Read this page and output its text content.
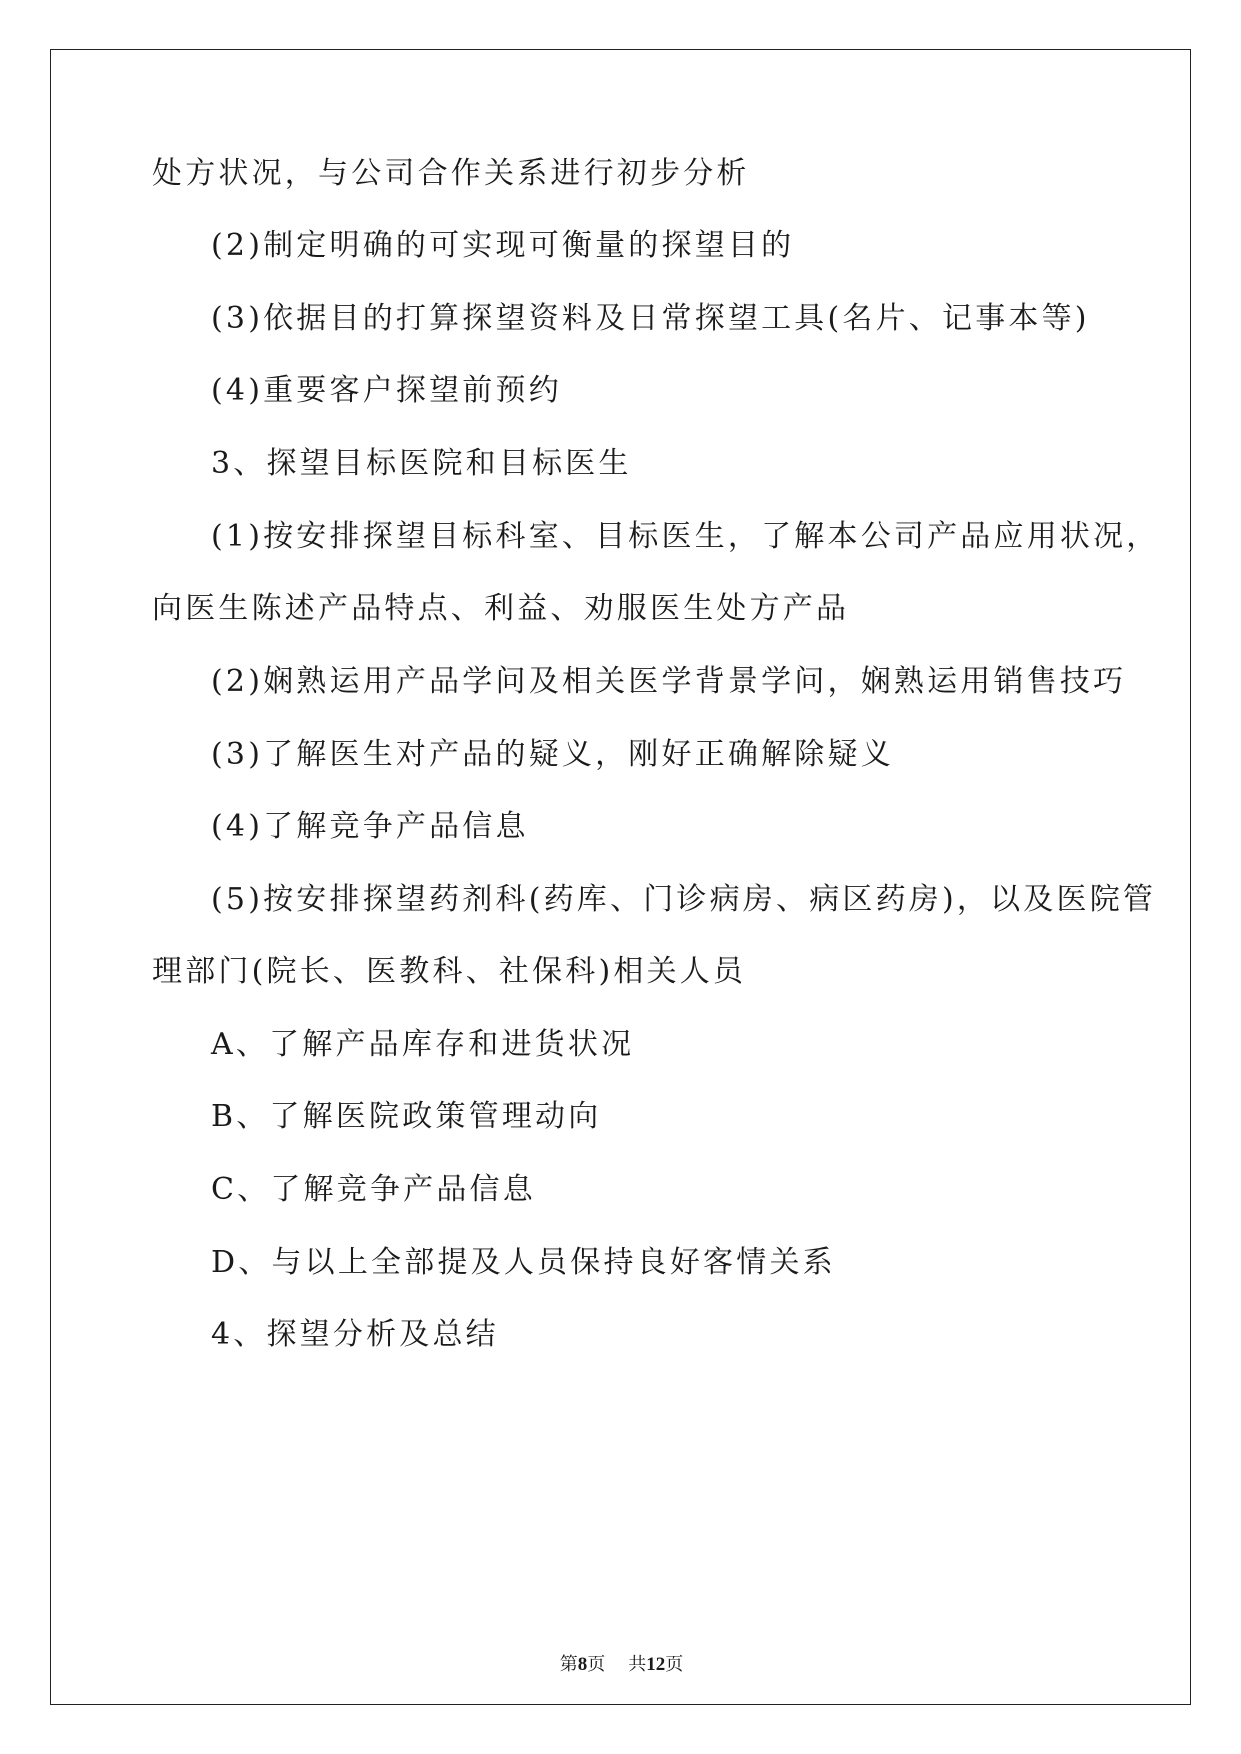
处方状况，与公司合作关系进行初步分析
(2)制定明确的可实现可衡量的探望目的
(3)依据目的打算探望资料及日常探望工具(名片、记事本等)
(4)重要客户探望前预约
3、探望目标医院和目标医生
(1)按安排探望目标科室、目标医生，了解本公司产品应用状况，
向医生陈述产品特点、利益、劝服医生处方产品
(2)娴熟运用产品学问及相关医学背景学问，娴熟运用销售技巧
(3)了解医生对产品的疑义，刚好正确解除疑义
(4)了解竞争产品信息
(5)按安排探望药剂科(药库、门诊病房、病区药房)，以及医院管
理部门(院长、医教科、社保科)相关人员
A、了解产品库存和进货状况
B、了解医院政策管理动向
C、了解竞争产品信息
D、与以上全部提及人员保持良好客情关系
4、探望分析及总结
第8页 共12页
